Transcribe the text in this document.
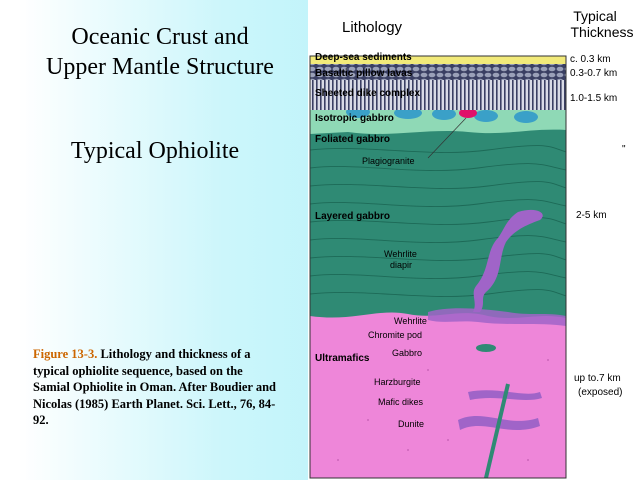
Oceanic Crust and
Upper Mantle Structure
Typical Ophiolite
Figure 13-3. Lithology and thickness of a typical ophiolite sequence, based on the Samial Ophiolite in Oman. After Boudier and Nicolas (1985) Earth Planet. Sci. Lett., 76, 84-92.
Lithology
Typical
Thickness
Deep-sea sediments
Basaltic pillow lavas
Sheeted dike complex
Isotropic gabbro
Foliated gabbro
Layered gabbro
Ultramafics
Plagiogranite
Wehrlite
diapir
Wehrlite
Chromite pod
Gabbro
Harzburgite
Mafic dikes
Dunite
c. 0.3 km
0.3-0.7 km
1.0-1.5 km
"
2-5 km
up to.7 km
(exposed)
